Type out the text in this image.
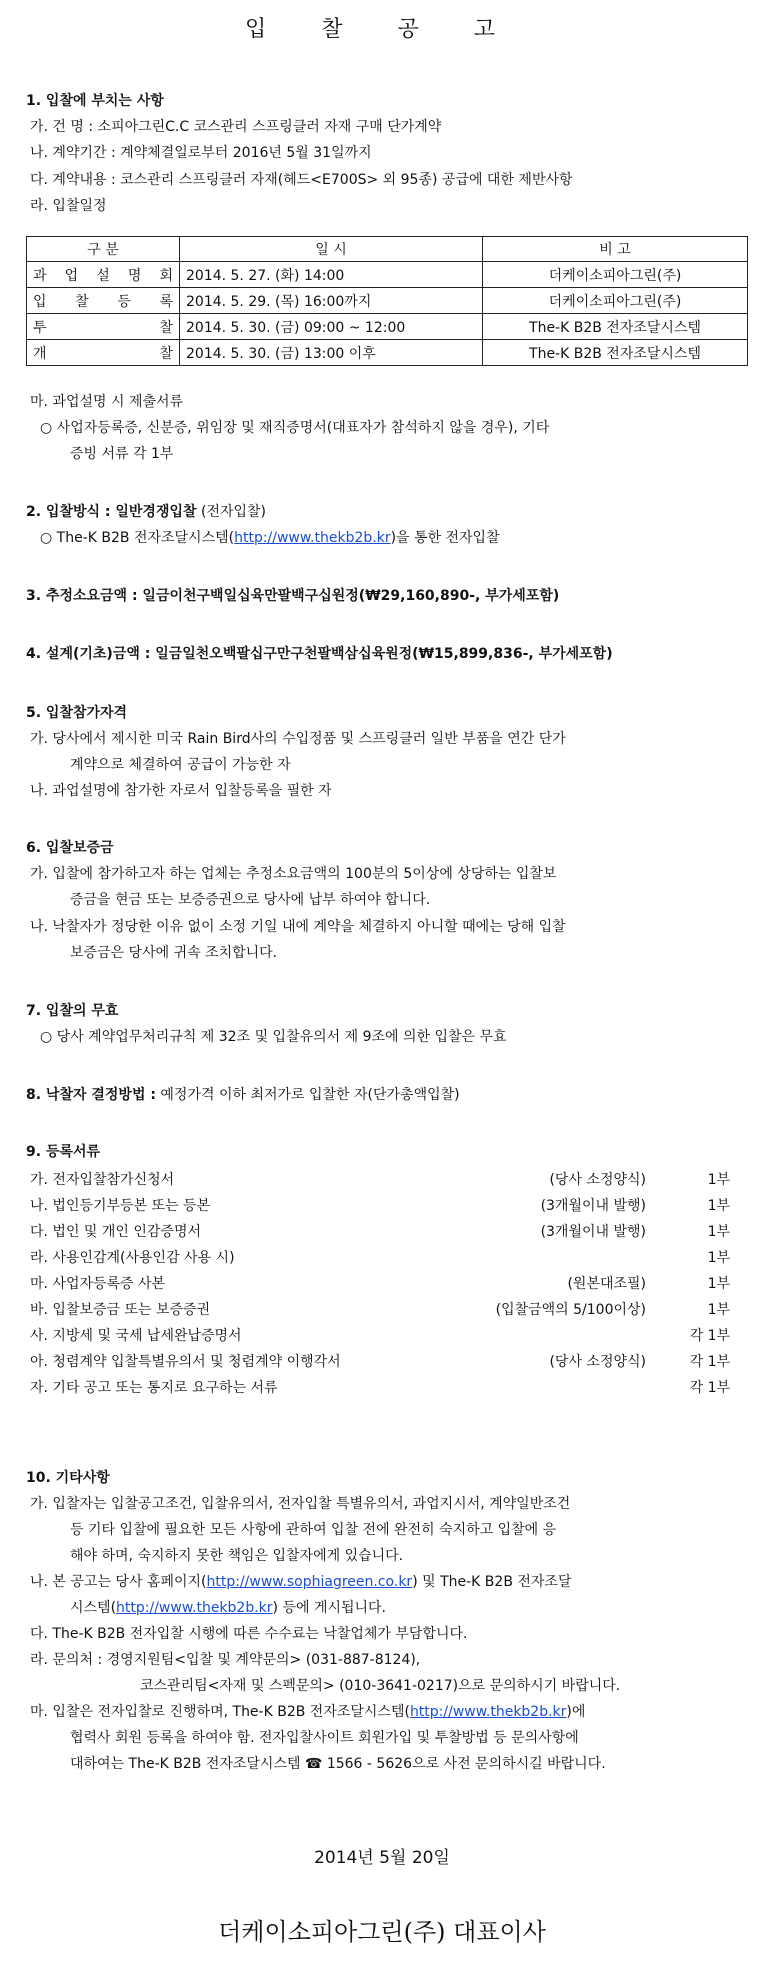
입 찰 공 고
1. 입찰에 부치는 사항
가. 건 명 : 소피아그린C.C 코스관리 스프링클러 자재 구매 단가계약
나. 계약기간 : 계약체결일로부터 2016년 5월 31일까지
다. 계약내용 : 코스관리 스프링클러 자재(헤드<E700S> 외 95종) 공급에 대한 제반사항
라. 입찰일정
구 분	일 시	비 고

과 업 설 명 회	2014. 5. 27. (화) 14:00	더케이소피아그린(주)

입 찰 등 록	2014. 5. 29. (목) 16:00까지	더케이소피아그린(주)

투 찰	2014. 5. 30. (금) 09:00 ~ 12:00	The-K B2B 전자조달시스템

개 찰	2014. 5. 30. (금) 13:00 이후	The-K B2B 전자조달시스템
마. 과업설명 시 제출서류
○ 사업자등록증, 신분증, 위임장 및 재직증명서(대표자가 참석하지 않을 경우), 기타
증빙 서류 각 1부
2. 입찰방식 : 일반경쟁입찰 (전자입찰)
○ The-K B2B 전자조달시스템(http://www.thekb2b.kr)을 통한 전자입찰
3. 추정소요금액 : 일금이천구백일십육만팔백구십원정(₩29,160,890-, 부가세포함)
4. 설계(기초)금액 : 일금일천오백팔십구만구천팔백삼십육원정(₩15,899,836-, 부가세포함)
5. 입찰참가자격
가. 당사에서 제시한 미국 Rain Bird사의 수입정품 및 스프링클러 일반 부품을 연간 단가
계약으로 체결하여 공급이 가능한 자
나. 과업설명에 참가한 자로서 입찰등록을 필한 자
6. 입찰보증금
가. 입찰에 참가하고자 하는 업체는 추정소요금액의 100분의 5이상에 상당하는 입찰보
증금을 현금 또는 보증증권으로 당사에 납부 하여야 합니다.
나. 낙찰자가 정당한 이유 없이 소정 기일 내에 계약을 체결하지 아니할 때에는 당해 입찰
보증금은 당사에 귀속 조치합니다.
7. 입찰의 무효
○ 당사 계약업무처리규칙 제 32조 및 입찰유의서 제 9조에 의한 입찰은 무효
8. 낙찰자 결정방법 : 예정가격 이하 최저가로 입찰한 자(단가총액입찰)
9. 등록서류
가. 전자입찰참가신청서	(당사 소정양식)	1부
나. 법인등기부등본 또는 등본	(3개월이내 발행)	1부
다. 법인 및 개인 인감증명서	(3개월이내 발행)	1부
라. 사용인감계(사용인감 사용 시)	1부
마. 사업자등록증 사본	(원본대조필)	1부
바. 입찰보증금 또는 보증증권	(입찰금액의 5/100이상)	1부
사. 지방세 및 국세 납세완납증명서	각 1부
아. 청렴계약 입찰특별유의서 및 청렴계약 이행각서	(당사 소정양식)	각 1부
자. 기타 공고 또는 통지로 요구하는 서류	각 1부
10. 기타사항
가. 입찰자는 입찰공고조건, 입찰유의서, 전자입찰 특별유의서, 과업지시서, 계약일반조건
등 기타 입찰에 필요한 모든 사항에 관하여 입찰 전에 완전히 숙지하고 입찰에 응
해야 하며, 숙지하지 못한 책임은 입찰자에게 있습니다.
나. 본 공고는 당사 홈페이지(http://www.sophiagreen.co.kr) 및 The-K B2B 전자조달
시스템(http://www.thekb2b.kr) 등에 게시됩니다.
다. The-K B2B 전자입찰 시행에 따른 수수료는 낙찰업체가 부담합니다.
라. 문의처 : 경영지원팀<입찰 및 계약문의> (031-887-8124),
코스관리팀<자재 및 스펙문의> (010-3641-0217)으로 문의하시기 바랍니다.
마. 입찰은 전자입찰로 진행하며, The-K B2B 전자조달시스템(http://www.thekb2b.kr)에
협력사 회원 등록을 하여야 함. 전자입찰사이트 회원가입 및 투찰방법 등 문의사항에
대하여는 The-K B2B 전자조달시스템 ☎ 1566 - 5626으로 사전 문의하시길 바랍니다.
2014년 5월 20일
더케이소피아그린(주) 대표이사
